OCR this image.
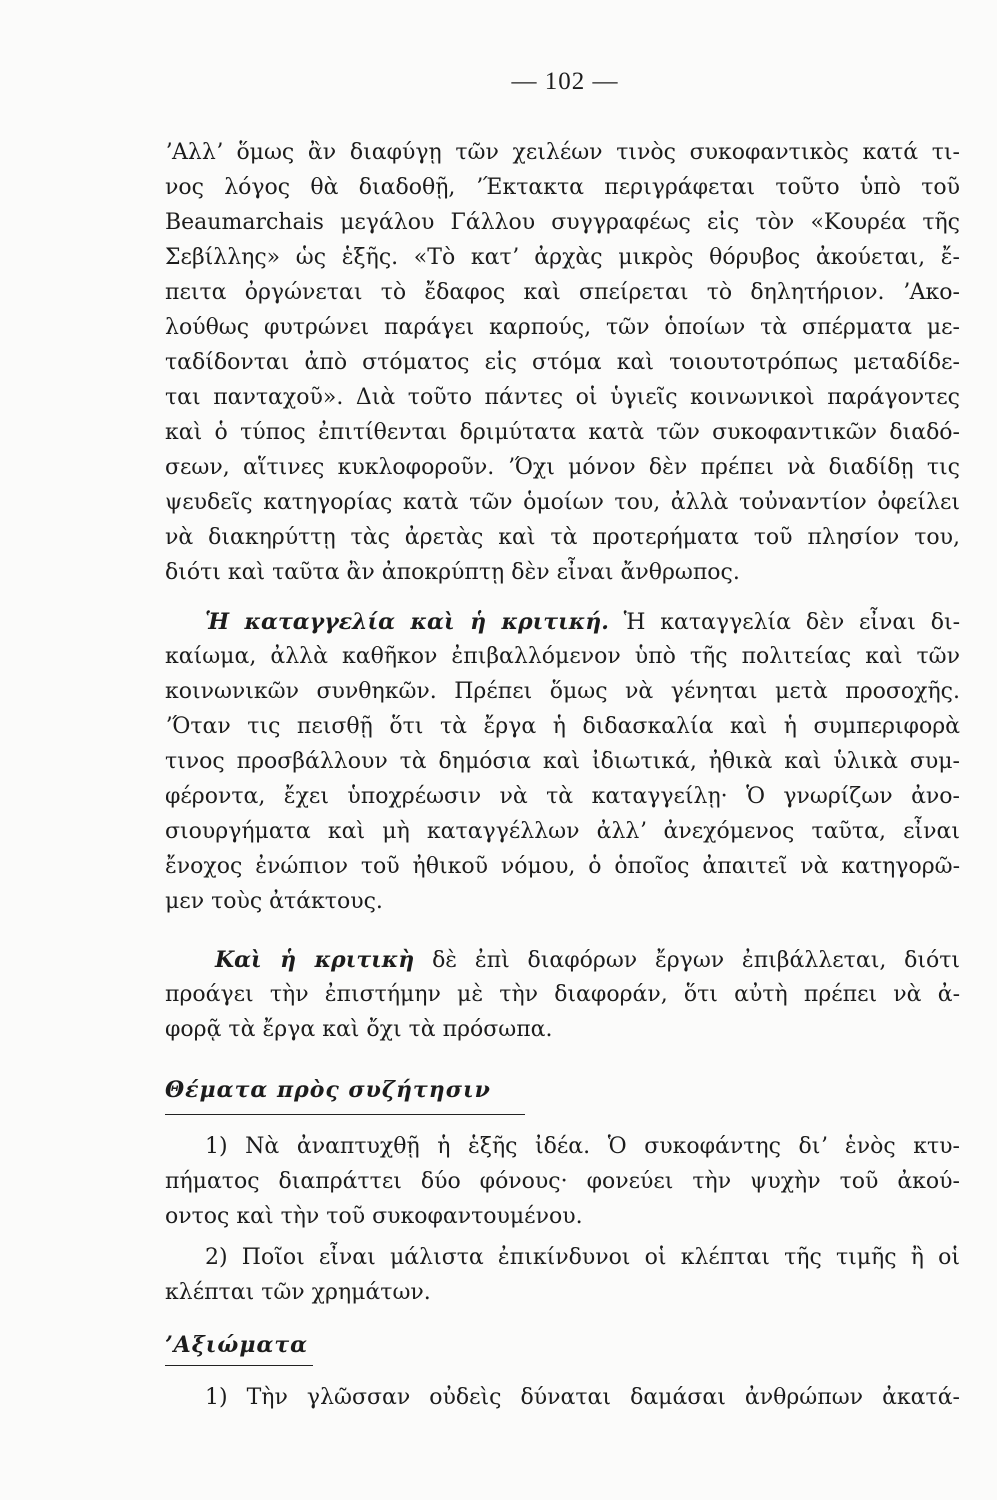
— 102 —
ʼΑλλʼ ὅμως ἂν διαφύγῃ τῶν χειλέων τινὸς συκοφαντικὸς κατά τι-
νος λόγος θὰ διαδοθῇ, ʼΈκτακτα περιγράφεται τοῦτο ὑπὸ τοῦ
Beaumarchais μεγάλου Γάλλου συγγραφέως εἰς τὸν «Κουρέα τῆς
Σεβίλλης» ὡς ἑξῆς. «Τὸ κατʼ ἀρχὰς μικρὸς θόρυβος ἀκούεται, ἔ-
πειτα ὀργώνεται τὸ ἔδαφος καὶ σπείρεται τὸ δηλητήριον. ʼΑκο-
λούθως φυτρώνει παράγει καρπούς, τῶν ὁποίων τὰ σπέρματα με-
ταδίδονται ἀπὸ στόματος εἰς στόμα καὶ τοιουτοτρόπως μεταδίδε-
ται πανταχοῦ». Διὰ τοῦτο πάντες οἱ ὑγιεῖς κοινωνικοὶ παράγοντες
καὶ ὁ τύπος ἐπιτίθενται δριμύτατα κατὰ τῶν συκοφαντικῶν διαδό-
σεων, αἵτινες κυκλοφοροῦν. ʼΌχι μόνον δὲν πρέπει νὰ διαδίδῃ τις
ψευδεῖς κατηγορίας κατὰ τῶν ὁμοίων του, ἀλλὰ τοὐναντίον ὀφείλει
νὰ διακηρύττῃ τὰς ἀρετὰς καὶ τὰ προτερήματα τοῦ πλησίον του,
διότι καὶ ταῦτα ἂν ἀποκρύπτῃ δὲν εἶναι ἄνθρωπος.
Ἡ καταγγελία καὶ ἡ κριτική. Ἡ καταγγελία δὲν εἶναι δι-
καίωμα, ἀλλὰ καθῆκον ἐπιβαλλόμενον ὑπὸ τῆς πολιτείας καὶ τῶν
κοινωνικῶν συνθηκῶν. Πρέπει ὅμως νὰ γένηται μετὰ προσοχῆς.
ʼΌταν τις πεισθῇ ὅτι τὰ ἔργα ἡ διδασκαλία καὶ ἡ συμπεριφορὰ
τινος προσβάλλουν τὰ δημόσια καὶ ἰδιωτικά, ἠθικὰ καὶ ὑλικὰ συμ-
φέροντα, ἔχει ὑποχρέωσιν νὰ τὰ καταγγείλῃ· Ὁ γνωρίζων ἀνο-
σιουργήματα καὶ μὴ καταγγέλλων ἀλλʼ ἀνεχόμενος ταῦτα, εἶναι
ἔνοχος ἐνώπιον τοῦ ἠθικοῦ νόμου, ὁ ὁποῖος ἀπαιτεῖ νὰ κατηγορῶ-
μεν τοὺς ἀτάκτους.
Καὶ ἡ κριτικὴ δὲ ἐπὶ διαφόρων ἔργων ἐπιβάλλεται, διότι
προάγει τὴν ἐπιστήμην μὲ τὴν διαφοράν, ὅτι αὐτὴ πρέπει νὰ ἀ-
φορᾷ τὰ ἔργα καὶ ὄχι τὰ πρόσωπα.
Θέματα πρὸς συζήτησιν
1) Νὰ ἀναπτυχθῇ ἡ ἑξῆς ἰδέα. Ὁ συκοφάντης διʼ ἑνὸς κτυ-
πήματος διαπράττει δύο φόνους· φονεύει τὴν ψυχὴν τοῦ ἀκού-
οντος καὶ τὴν τοῦ συκοφαντουμένου.
2) Ποῖοι εἶναι μάλιστα ἐπικίνδυνοι οἱ κλέπται τῆς τιμῆς ἢ οἱ
κλέπται τῶν χρημάτων.
ʼΑξιώματα
1) Τὴν γλῶσσαν οὐδεὶς δύναται δαμάσαι ἀνθρώπων ἀκατά-
